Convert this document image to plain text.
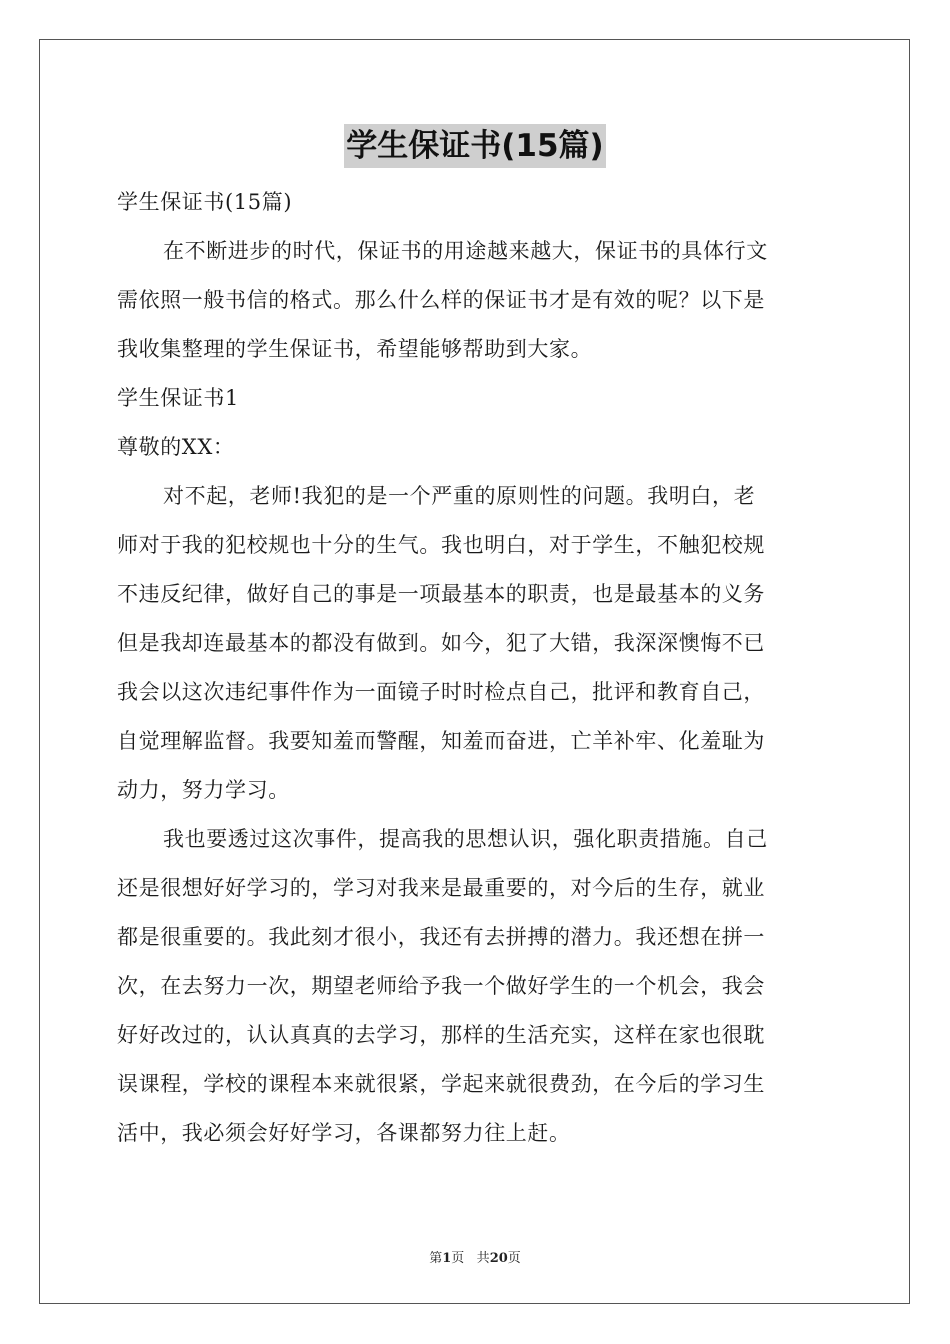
学生保证书(15篇)

学生保证书(15篇)

在不断进步的时代，保证书的用途越来越大，保证书的具体行文

需依照一般书信的格式。那么什么样的保证书才是有效的呢？以下是

我收集整理的学生保证书，希望能够帮助到大家。

学生保证书1

尊敬的XX：

对不起，老师!我犯的是一个严重的原则性的问题。我明白，老

师对于我的犯校规也十分的生气。我也明白，对于学生，不触犯校规

不违反纪律，做好自己的事是一项最基本的职责，也是最基本的义务

但是我却连最基本的都没有做到。如今，犯了大错，我深深懊悔不已

我会以这次违纪事件作为一面镜子时时检点自己，批评和教育自己，

自觉理解监督。我要知羞而警醒，知羞而奋进，亡羊补牢、化羞耻为

动力，努力学习。

我也要透过这次事件，提高我的思想认识，强化职责措施。自己

还是很想好好学习的，学习对我来是最重要的，对今后的生存，就业

都是很重要的。我此刻才很小，我还有去拼搏的潜力。我还想在拼一

次，在去努力一次，期望老师给予我一个做好学生的一个机会，我会

好好改过的，认认真真的去学习，那样的生活充实，这样在家也很耽

误课程，学校的课程本来就很紧，学起来就很费劲，在今后的学习生

活中，我必须会好好学习，各课都努力往上赶。

第1页 共20页
